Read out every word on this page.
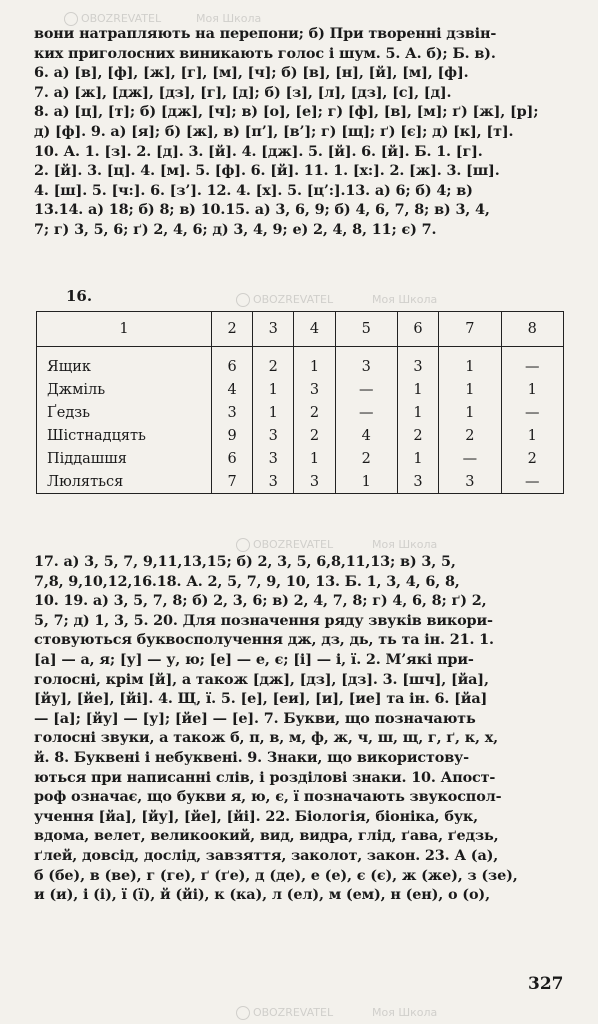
вони натрапляють на перепони; б) При творенні дзвін-
ких приголосних виникають голос і шум. 5. А. б); Б. в).
6. а) [в], [ф], [ж], [г], [м], [ч]; б) [в], [н], [й], [м], [ф].
7. а) [ж], [дж], [дз], [г], [д]; б) [з], [л], [дз], [с], [д].
8. а) [ц], [т]; б) [дж], [ч]; в) [о], [е]; г) [ф], [в], [м]; ґ) [ж], [р];
д) [ф]. 9. а) [я]; б) [ж], в) [п’], [в’]; г) [щ]; ґ) [є]; д) [к], [т].
10. А. 1. [з]. 2. [д]. 3. [й]. 4. [дж]. 5. [й]. 6. [й]. Б. 1. [г].
2. [й]. 3. [ц]. 4. [м]. 5. [ф]. 6. [й]. 11. 1. [х:]. 2. [ж]. 3. [ш].
4. [ш]. 5. [ч:]. 6. [з’]. 12. 4. [х]. 5. [ц’:].13. а) 6; б) 4; в)
13.14. а) 18; б) 8; в) 10.15. а) 3, 6, 9; б) 4, 6, 7, 8; в) 3, 4,
7; г) 3, 5, 6; ґ) 2, 4, 6; д) 3, 4, 9; е) 2, 4, 8, 11; є) 7.
16.
1	2	3	4	5	6	7	8
Ящик	6	2	1	3	3	1	—
Джміль	4	1	3	—	1	1	1
Ґедзь	3	1	2	—	1	1	—
Шістнадцять	9	3	2	4	2	2	1
Піддашшя	6	3	1	2	1	—	2
Люляться	7	3	3	1	3	3	—
17. а) 3, 5, 7, 9,11,13,15; б) 2, 3, 5, 6,8,11,13; в) 3, 5,
7,8, 9,10,12,16.18. А. 2, 5, 7, 9, 10, 13. Б. 1, 3, 4, 6, 8,
10. 19. а) 3, 5, 7, 8; б) 2, 3, 6; в) 2, 4, 7, 8; г) 4, 6, 8; ґ) 2,
5, 7; д) 1, 3, 5. 20. Для позначення ряду звуків викори-
стовуються буквосполучення дж, дз, дь, ть та ін. 21. 1.
[а] — а, я; [у] — у, ю; [е] — е, є; [і] — і, ї. 2. М’які при-
голосні, крім [й], а також [дж], [дз], [дз]. 3. [шч], [йа],
[йу], [йе], [йі]. 4. Щ, ї. 5. [е], [еи], [и], [иe] та ін. 6. [йа]
— [а]; [йу] — [у]; [йе] — [е]. 7. Букви, що позначають
голосні звуки, а також б, п, в, м, ф, ж, ч, ш, щ, г, ґ, к, х,
й. 8. Буквені і небуквені. 9. Знаки, що використову-
ються при написанні слів, і розділові знаки. 10. Апост-
роф означає, що букви я, ю, є, ї позначають звукоспол-
учення [йа], [йу], [йе], [йі]. 22. Біологія, біоніка, бук,
вдома, велет, великоокий, вид, видра, глід, ґава, ґедзь,
ґлей, довсід, дослід, завзяття, заколот, закон. 23. А (а),
б (бе), в (ве), г (ге), ґ (ґе), д (де), е (е), є (є), ж (же), з (зе),
и (и), і (і), ї (ї), й (йі), к (ка), л (ел), м (ем), н (ен), о (о),
327
OBOZREVATEL	Моя Школа
OBOZREVATEL	Моя Школа
OBOZREVATEL	Моя Школа
OBOZREVATEL	Моя Школа
